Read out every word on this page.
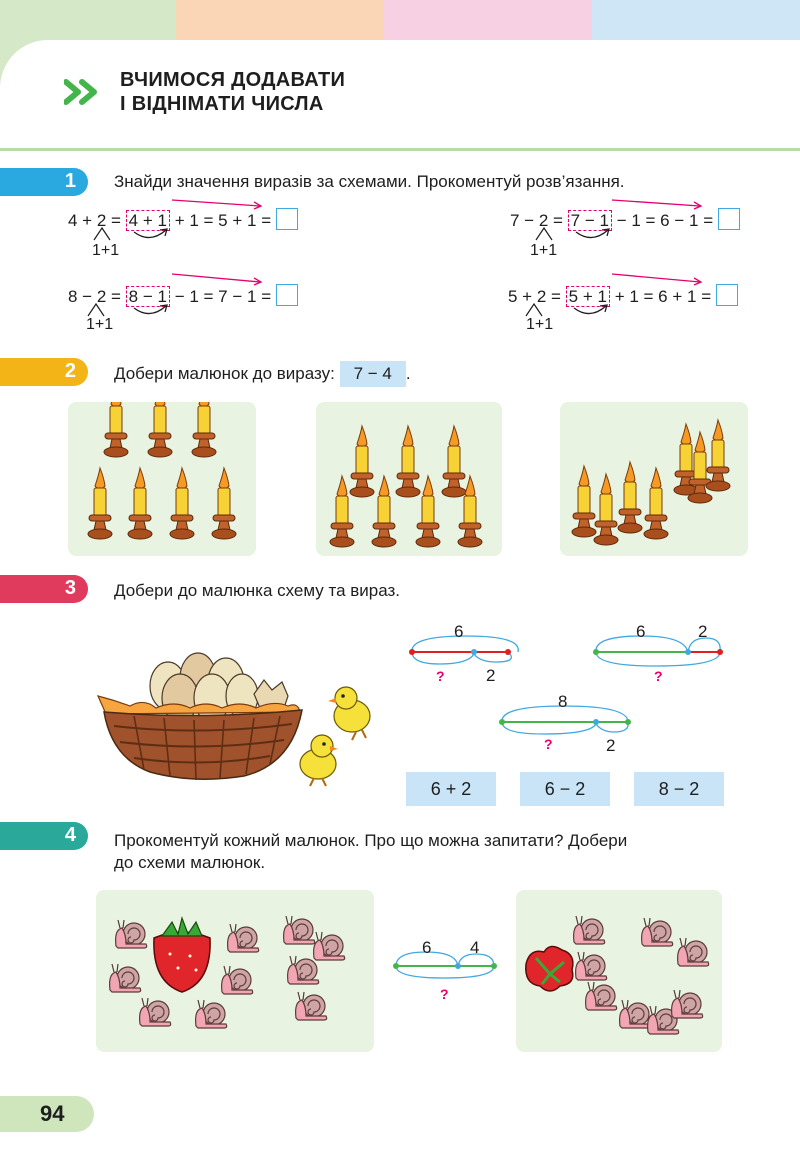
ВЧИМОСЯ ДОДАВАТИ
І ВІДНІМАТИ ЧИСЛА
1 Знайди значення виразів за схемами. Прокоментуй розв’язання.
4 + 2 = 4 + 1 + 1 = 5 + 1 =
1+1
7 − 2 = 7 − 1 − 1 = 6 − 1 =
1+1
8 − 2 = 8 − 1 − 1 = 7 − 1 =
1+1
5 + 2 = 5 + 1 + 1 = 6 + 1 =
1+1
2 Добери малюнок до виразу: 7 − 4 .
3 Добери до малюнка схему та вираз.
6
2
?
6	2
?
8
2
?
6 + 2	6 − 2	8 − 2
4 Прокоментуй кожний малюнок. Про що можна запитати? Добери
до схеми малюнок.
6 4
?
94
